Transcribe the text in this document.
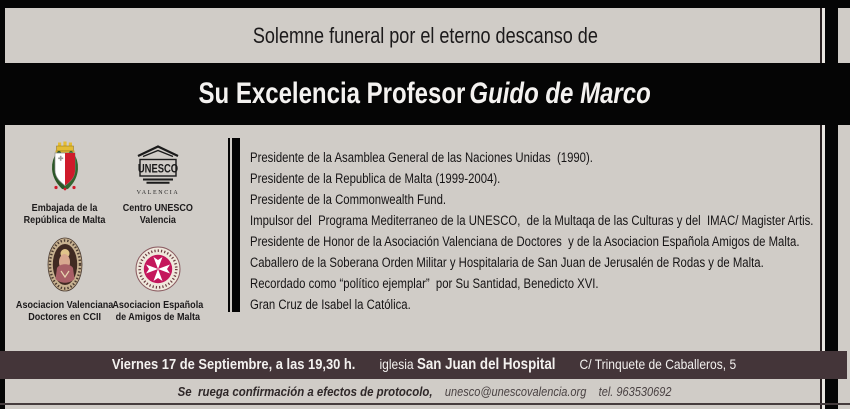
Solemne funeral por el eterno descanso de
Su Excelencia Profesor Guido de Marco
Embajada de la
República de Malta
UNESCO
VALENCIA
Centro UNESCO
Valencia
Asociacion Valenciana
Doctores en CCII
Asociacion Española
de Amigos de Malta
Presidente de la Asamblea General de las Naciones Unidas  (1990).
Presidente de la Republica de Malta (1999-2004).
Presidente de la Commonwealth Fund.
Impulsor del  Programa Mediterraneo de la UNESCO,  de la Multaqa de las Culturas y del  IMAC/ Magister Artis.
Presidente de Honor de la Asociación Valenciana de Doctores  y de la Asociacion Española Amigos de Malta.
Caballero de la Soberana Orden Militar y Hospitalaria de San Juan de Jerusalén de Rodas y de Malta.
Recordado como “político ejemplar”  por Su Santidad, Benedicto XVI.
Gran Cruz de Isabel la Católica.
Viernes 17 de Septiembre, a las 19,30 h. iglesia San Juan del Hospital C/ Trinquete de Caballeros, 5
Se  ruega confirmación a efectos de protocolo, unesco@unescovalencia.org tel. 963530692
